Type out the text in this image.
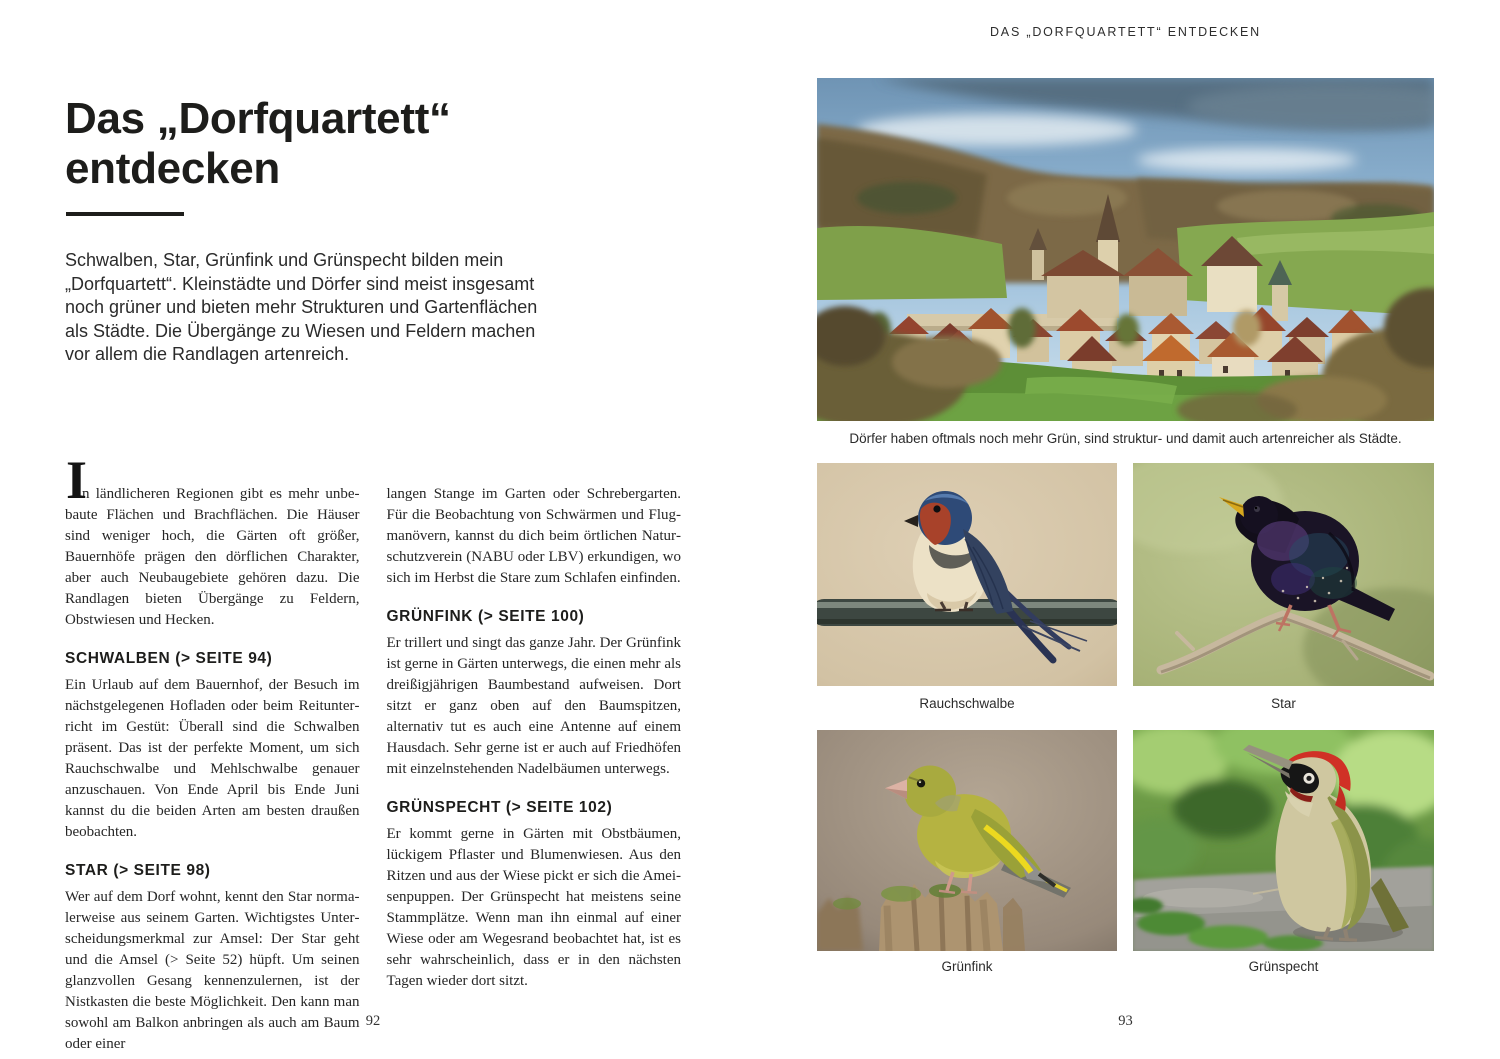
Das „Dorfquartett“ entdecken

Schwalben, Star, Grünfink und Grünspecht bilden mein „Dorfquartett“. Kleinstädte und Dörfer sind meist insgesamt noch grüner und bieten mehr Strukturen und Gartenflächen als Städte. Die Übergänge zu Wiesen und Feldern machen vor allem die Randlagen artenreich.

I
n ländlicheren Regionen gibt es mehr unbebaute Flächen und Brachflächen. Die Häuser sind weniger hoch, die Gärten oft größer, Bauernhöfe prägen den dörflichen Charakter, aber auch Neubaugebiete gehören dazu. Die Randlagen bieten Übergänge zu Feldern, Obstwiesen und Hecken.

SCHWALBEN (> SEITE 94)

Ein Urlaub auf dem Bauernhof, der Besuch im nächstgelegenen Hofladen oder beim Reitunterricht im Gestüt: Überall sind die Schwalben präsent. Das ist der perfekte Moment, um sich Rauchschwalbe und Mehlschwalbe genauer anzuschauen. Von Ende April bis Ende Juni kannst du die beiden Arten am besten draußen beobachten.

STAR (> SEITE 98)

Wer auf dem Dorf wohnt, kennt den Star normalerweise aus seinem Garten. Wichtigstes Unterscheidungsmerkmal zur Amsel: Der Star geht und die Amsel (> Seite 52) hüpft. Um seinen glanzvollen Gesang kennenzulernen, ist der Nistkasten die beste Möglichkeit. Den kann man sowohl am Balkon anbringen als auch am Baum oder einer

langen Stange im Garten oder Schrebergarten. Für die Beobachtung von Schwärmen und Flugmanövern, kannst du dich beim örtlichen Naturschutzverein (NABU oder LBV) erkundigen, wo sich im Herbst die Stare zum Schlafen einfinden.

GRÜNFINK (> SEITE 100)

Er trillert und singt das ganze Jahr. Der Grünfink ist gerne in Gärten unterwegs, die einen mehr als dreißigjährigen Baumbestand aufweisen. Dort sitzt er ganz oben auf den Baumspitzen, alternativ tut es auch eine Antenne auf einem Hausdach. Sehr gerne ist er auch auf Friedhöfen mit einzelnstehenden Nadelbäumen unterwegs.

GRÜNSPECHT (> SEITE 102)

Er kommt gerne in Gärten mit Obstbäumen, lückigem Pflaster und Blumenwiesen. Aus den Ritzen und aus der Wiese pickt er sich die Ameisenpuppen. Der Grünspecht hat meistens seine Stammplätze. Wenn man ihn einmal auf einer Wiese oder am Wegesrand beobachtet hat, ist es sehr wahrscheinlich, dass er in den nächsten Tagen wieder dort sitzt.

92
DAS „DORFQUARTETT“ ENTDECKEN
Dörfer haben oftmals noch mehr Grün, sind struktur- und damit auch artenreicher als Städte.
Rauchschwalbe	Star
Grünfink	Grünspecht
93
